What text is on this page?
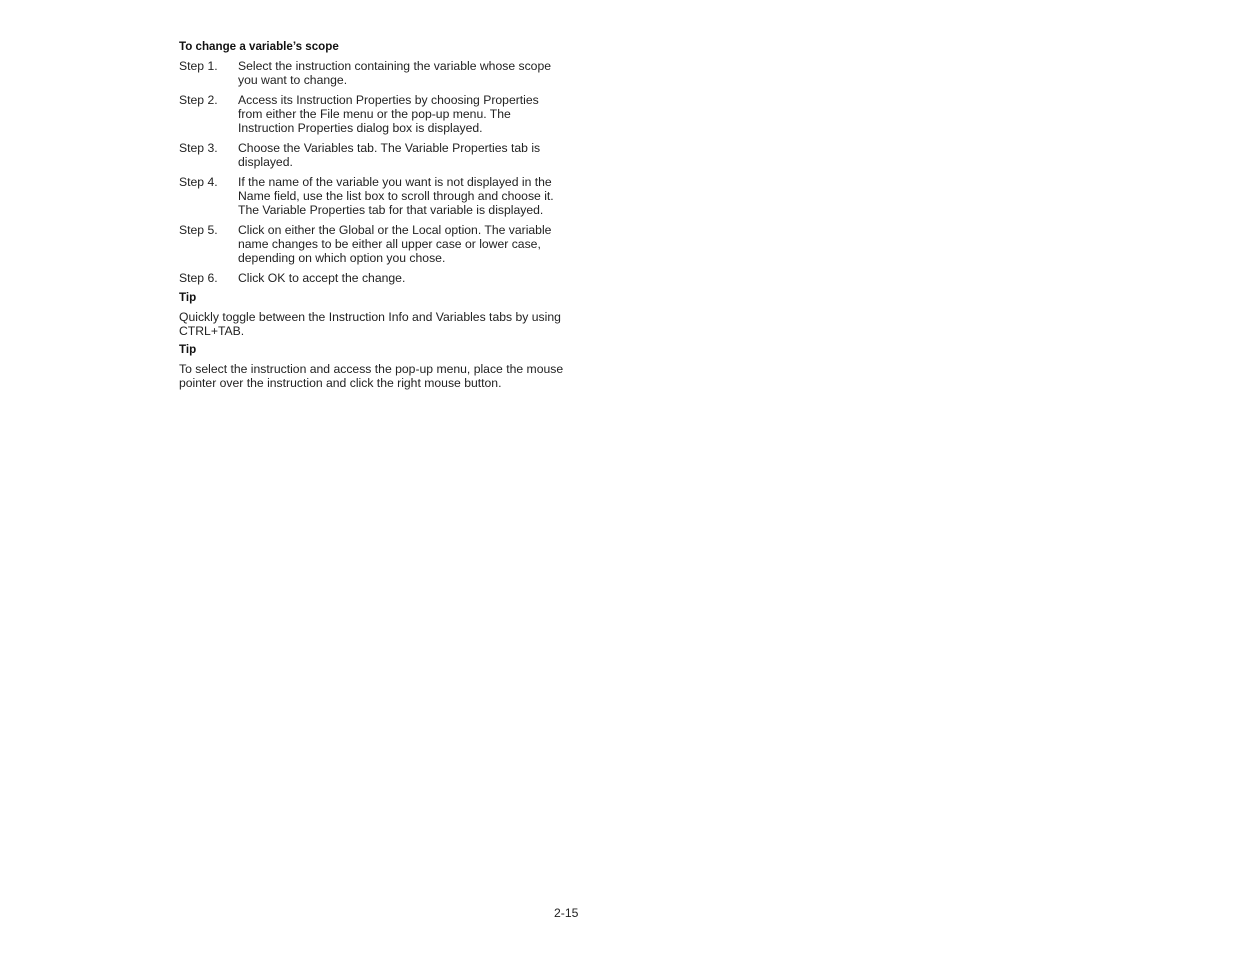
To change a variable’s scope
Step 1.	Select the instruction containing the variable whose scope you want to change.
Step 2.	Access its Instruction Properties by choosing Properties from either the File menu or the pop-up menu. The Instruction Properties dialog box is displayed.
Step 3.	Choose the Variables tab. The Variable Properties tab is displayed.
Step 4.	If the name of the variable you want is not displayed in the Name field, use the list box to scroll through and choose it. The Variable Properties tab for that variable is displayed.
Step 5.	Click on either the Global or the Local option. The variable name changes to be either all upper case or lower case, depending on which option you chose.
Step 6.	Click OK to accept the change.
Tip
Quickly toggle between the Instruction Info and Variables tabs by using CTRL+TAB.
Tip
To select the instruction and access the pop-up menu, place the mouse pointer over the instruction and click the right mouse button.
2-15
